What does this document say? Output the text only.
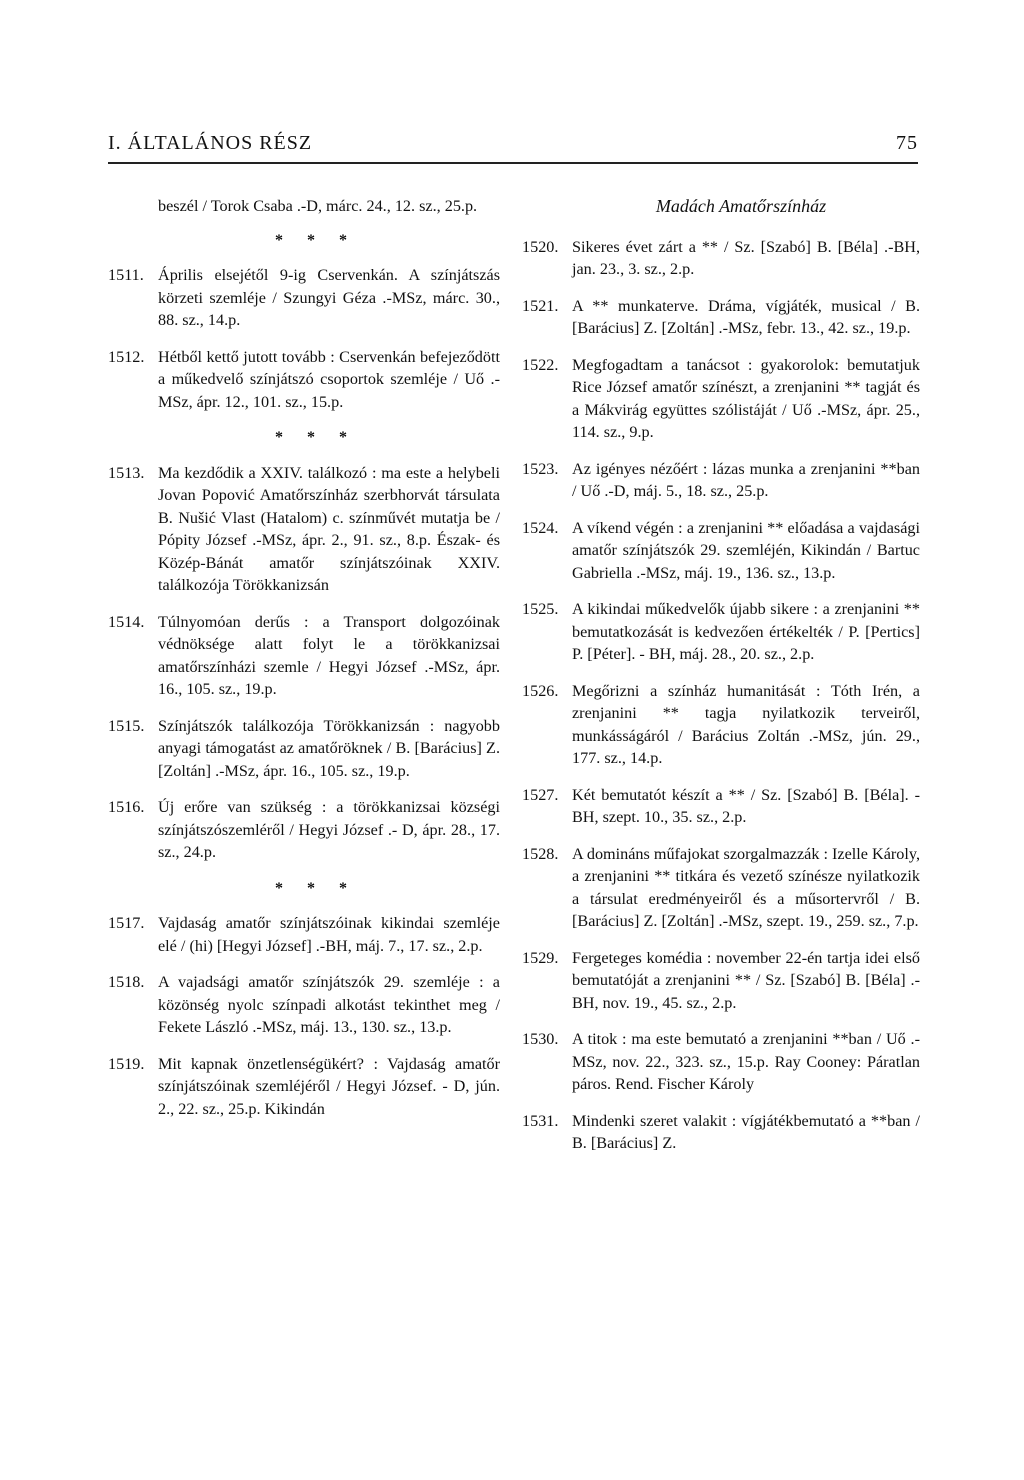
I. ÁLTALÁNOS RÉSZ	75
beszél / Torok Csaba .-D, márc. 24., 12. sz., 25.p.
* * *
1511. Április elsejétől 9-ig Cservenkán. A színjátszás körzeti szemléje / Szungyi Géza .-MSz, márc. 30., 88. sz., 14.p.
1512. Hétből kettő jutott tovább : Cservenkán befejeződött a műkedvelő színjátszó csoportok szemléje / Uő .-MSz, ápr. 12., 101. sz., 15.p.
* * *
1513. Ma kezdődik a XXIV. találkozó : ma este a helybeli Jovan Popović Amatőrszínház szerbhorvát társulata B. Nušić Vlast (Hatalom) c. színművét mutatja be / Pópity József .-MSz, ápr. 2., 91. sz., 8.p. Észak- és Közép-Bánát amatőr színjátszóinak XXIV. találkozója Törökkanizsán
1514. Túlnyomóan derűs : a Transport dolgozóinak védnöksége alatt folyt le a törökkanizsai amatőrszínházi szemle / Hegyi József .-MSz, ápr. 16., 105. sz., 19.p.
1515. Színjátszók találkozója Törökkanizsán : nagyobb anyagi támogatást az amatőröknek / B. [Barácius] Z. [Zoltán] .-MSz, ápr. 16., 105. sz., 19.p.
1516. Új erőre van szükség : a törökkanizsai községi színjátszószemléről / Hegyi József .- D, ápr. 28., 17. sz., 24.p.
* * *
1517. Vajdaság amatőr színjátszóinak kikindai szemléje elé / (hi) [Hegyi József] .-BH, máj. 7., 17. sz., 2.p.
1518. A vajadsági amatőr színjátszók 29. szemléje : a közönség nyolc színpadi alkotást tekinthet meg / Fekete László .-MSz, máj. 13., 130. sz., 13.p.
1519. Mit kapnak önzetlenségükért? : Vajdaság amatőr színjátszóinak szemléjéről / Hegyi József. - D, jún. 2., 22. sz., 25.p. Kikindán
Madách Amatőrszínház
1520. Sikeres évet zárt a ** / Sz. [Szabó] B. [Béla] .-BH, jan. 23., 3. sz., 2.p.
1521. A ** munkaterve. Dráma, vígjáték, musical / B. [Barácius] Z. [Zoltán] .-MSz, febr. 13., 42. sz., 19.p.
1522. Megfogadtam a tanácsot : gyakorolok: bemutatjuk Rice József amatőr színészt, a zrenjanini ** tagját és a Mákvirág együttes szólistáját / Uő .-MSz, ápr. 25., 114. sz., 9.p.
1523. Az igényes nézőért : lázas munka a zrenjanini **ban / Uő .-D, máj. 5., 18. sz., 25.p.
1524. A víkend végén : a zrenjanini ** előadása a vajdasági amatőr színjátszók 29. szemléjén, Kikindán / Bartuc Gabriella .-MSz, máj. 19., 136. sz., 13.p.
1525. A kikindai műkedvelők újabb sikere : a zrenjanini ** bemutatkozását is kedvezően értékelték / P. [Pertics] P. [Péter]. - BH, máj. 28., 20. sz., 2.p.
1526. Megőrizni a színház humanitását : Tóth Irén, a zrenjanini ** tagja nyilatkozik terveiről, munkásságáról / Barácius Zoltán .-MSz, jún. 29., 177. sz., 14.p.
1527. Két bemutatót készít a ** / Sz. [Szabó] B. [Béla]. - BH, szept. 10., 35. sz., 2.p.
1528. A domináns műfajokat szorgalmazzák : Izelle Károly, a zrenjanini ** titkára és vezető színésze nyilatkozik a társulat eredményeiről és a műsortervről / B. [Barácius] Z. [Zoltán] .-MSz, szept. 19., 259. sz., 7.p.
1529. Fergeteges komédia : november 22-én tartja idei első bemutatóját a zrenjanini ** / Sz. [Szabó] B. [Béla] .-BH, nov. 19., 45. sz., 2.p.
1530. A titok : ma este bemutató a zrenjanini **ban / Uő .-MSz, nov. 22., 323. sz., 15.p. Ray Cooney: Páratlan páros. Rend. Fischer Károly
1531. Mindenki szeret valakit : vígjátékbemutató a **ban / B. [Barácius] Z.
